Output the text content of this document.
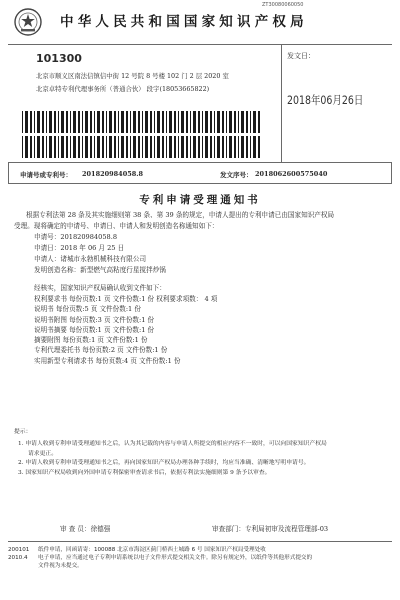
ZT30080060050
中华人民共和国国家知识产权局
101300
北京市顺义区南法信镇信中街 12 号院 8 号楼 102 门 2 层 2020 室
北京卓特专利代理事务所（普通合伙） 段宇(18053665822)
发文日：
2018年06月26日
申请号或专利号： 201820984058.8	发文序号： 2018062600575040
专利申请受理通知书
根据专利法第 28 条及其实施细则第 38 条、第 39 条的规定，申请人提出的专利申请已由国家知识产权局
受理。现将确定的申请号、申请日、申请人和发明创造名称通知如下：
申请号：201820984058.8
申请日：2018 年 06 月 25 日
申请人：诸城市永勃机械科技有限公司
发明创造名称：新型燃气高粘度行星搅拌炒锅
经核实，国家知识产权局确认收到文件如下：
权利要求书 每份页数:1 页 文件份数:1 份 权利要求项数： 4 项
说明书 每份页数:5 页 文件份数:1 份
说明书附图 每份页数:3 页 文件份数:1 份
说明书摘要 每份页数:1 页 文件份数:1 份
摘要附图 每份页数:1 页 文件份数:1 份
专利代理委托书 每份页数:2 页 文件份数:1 份
实用新型专利请求书 每份页数:4 页 文件份数:1 份
提示：
1. 申请人收到专利申请受理通知书之后，认为其记载的内容与申请人所提交的相应内容不一致时，可以向国家知识产权局
请求更正。
2. 申请人收到专利申请受理通知书之后，再向国家知识产权局办理各种手续时，均应当准确、清晰地写明申请号。
3. 国家知识产权局收到向外国申请专利保密审查请求书后，依据专利法实施细则第 9 条予以审查。
审 查 员：徐德强	审查部门：专利局初审及流程管理部-03
200101
2010.4
纸件申请，回函请寄：100088 北京市海淀区蓟门桥西土城路 6 号 国家知识产权局受理处收
电子申请，应当通过电子专利申请系统以电子文件形式提交相关文件。除另有规定外，以纸件等其他形式提交的
文件视为未提交。
